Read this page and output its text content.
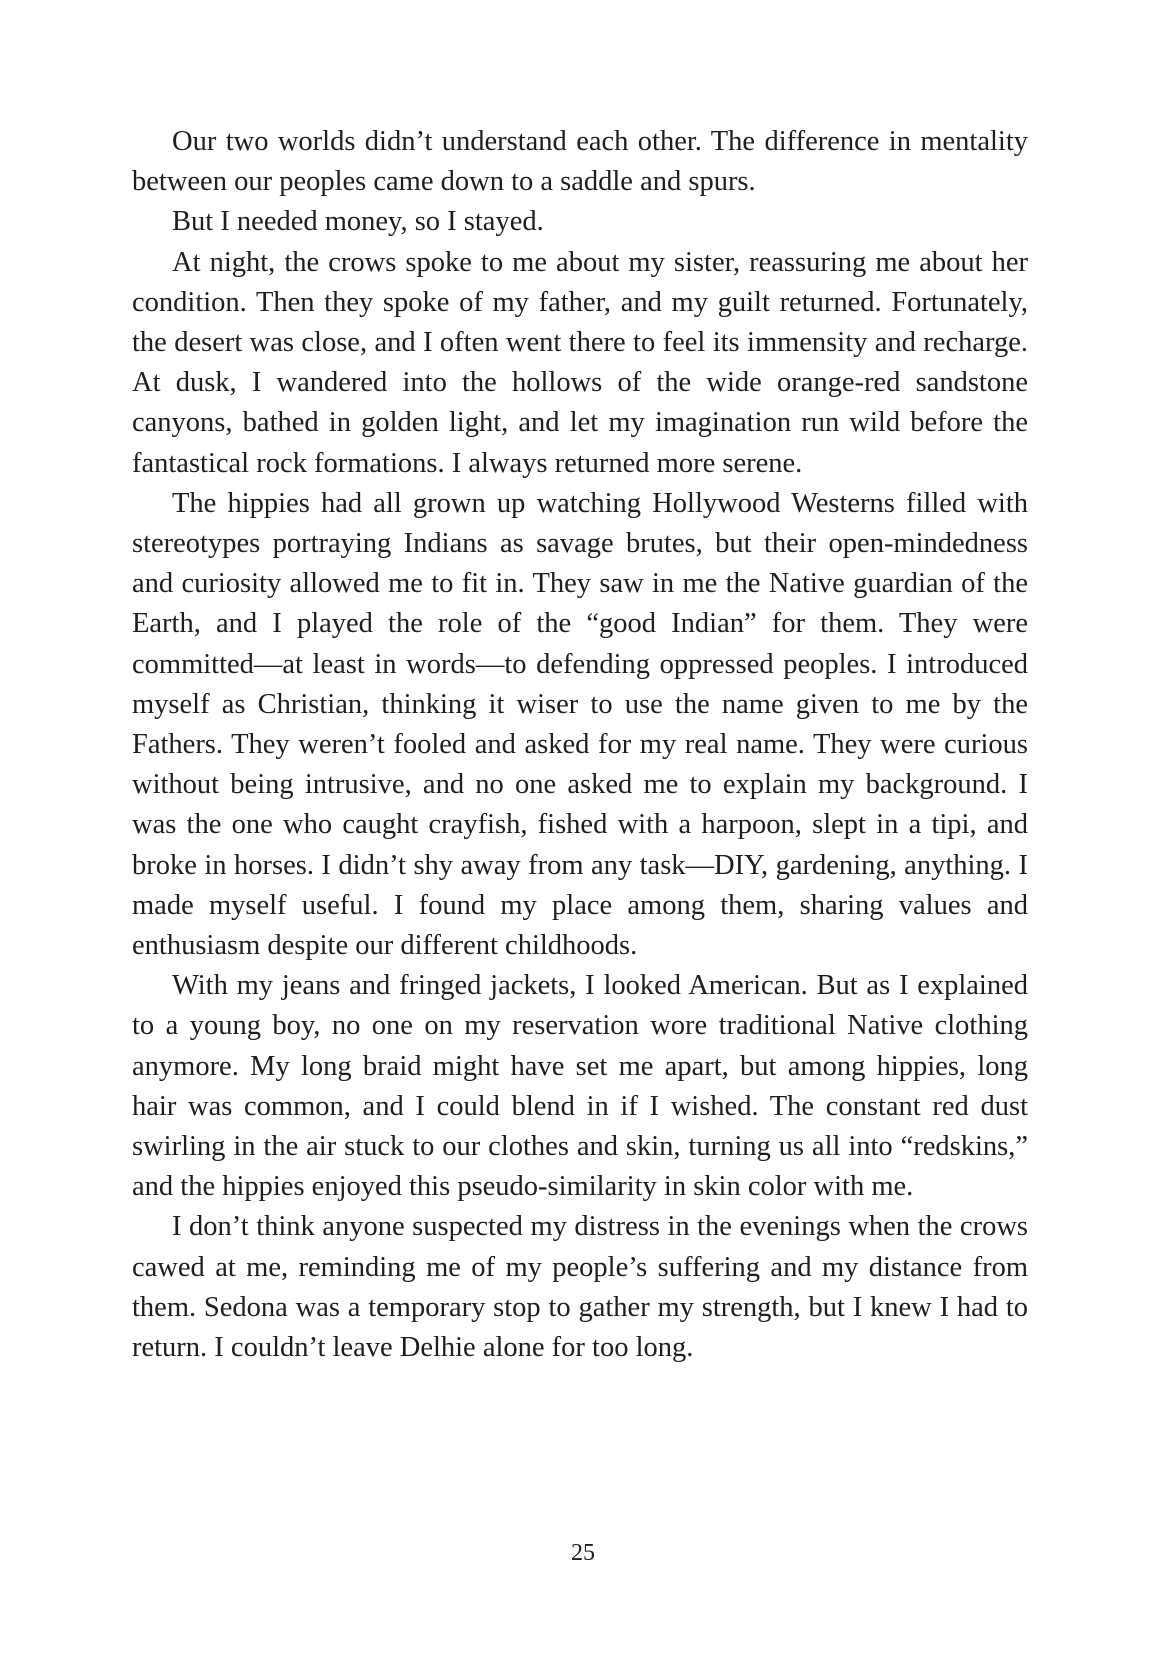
Our two worlds didn’t understand each other. The difference in mentality between our peoples came down to a saddle and spurs.

But I needed money, so I stayed.

At night, the crows spoke to me about my sister, reassuring me about her condition. Then they spoke of my father, and my guilt returned. Fortunately, the desert was close, and I often went there to feel its immensity and recharge. At dusk, I wandered into the hollows of the wide orange-red sandstone canyons, bathed in golden light, and let my imagination run wild before the fantastical rock formations. I always returned more serene.

The hippies had all grown up watching Hollywood Westerns filled with stereotypes portraying Indians as savage brutes, but their open-mindedness and curiosity allowed me to fit in. They saw in me the Native guardian of the Earth, and I played the role of the “good Indian” for them. They were committed—at least in words—to defending oppressed peoples. I introduced myself as Christian, thinking it wiser to use the name given to me by the Fathers. They weren’t fooled and asked for my real name. They were curious without being intrusive, and no one asked me to explain my background. I was the one who caught crayfish, fished with a harpoon, slept in a tipi, and broke in horses. I didn’t shy away from any task—DIY, gardening, anything. I made myself useful. I found my place among them, sharing values and enthusiasm despite our different childhoods.

With my jeans and fringed jackets, I looked American. But as I explained to a young boy, no one on my reservation wore traditional Native clothing anymore. My long braid might have set me apart, but among hippies, long hair was common, and I could blend in if I wished. The constant red dust swirling in the air stuck to our clothes and skin, turning us all into “redskins,” and the hippies enjoyed this pseudo-similarity in skin color with me.

I don’t think anyone suspected my distress in the evenings when the crows cawed at me, reminding me of my people’s suffering and my distance from them. Sedona was a temporary stop to gather my strength, but I knew I had to return. I couldn’t leave Delhie alone for too long.

25
